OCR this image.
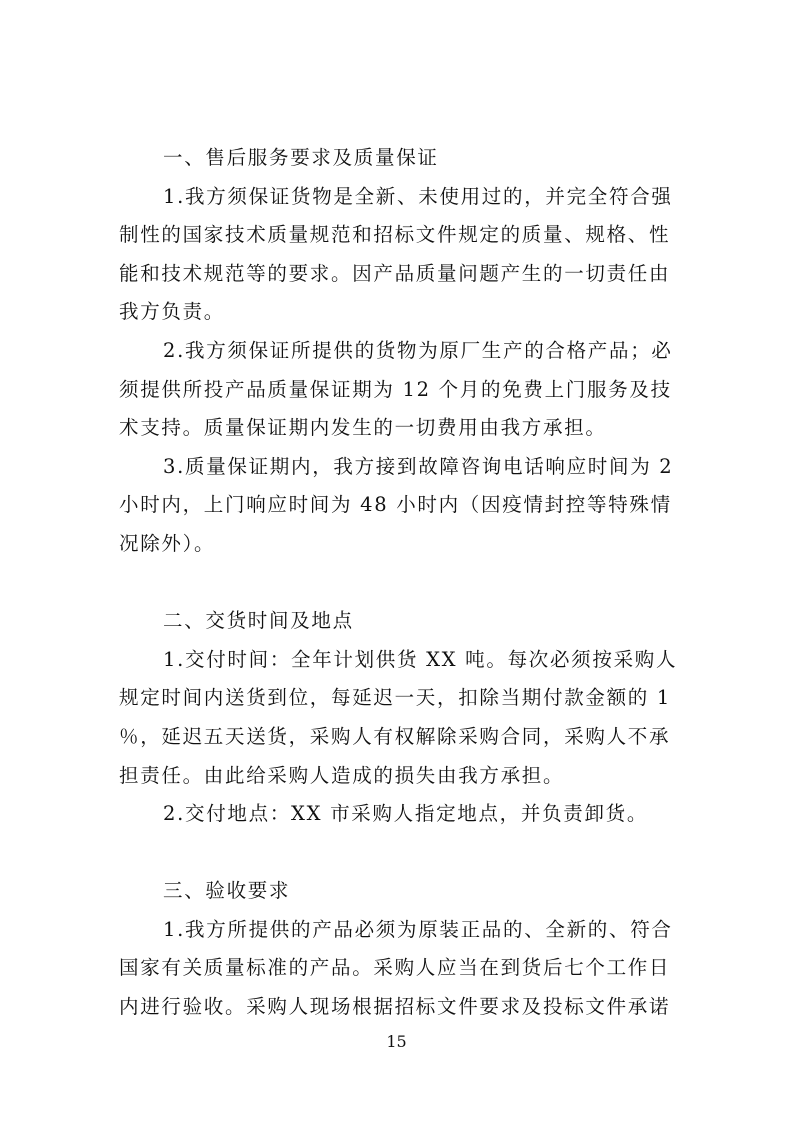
一、售后服务要求及质量保证
1.我方须保证货物是全新、未使用过的，并完全符合强
制性的国家技术质量规范和招标文件规定的质量、规格、性
能和技术规范等的要求。因产品质量问题产生的一切责任由
我方负责。
2.我方须保证所提供的货物为原厂生产的合格产品；必
须提供所投产品质量保证期为 12 个月的免费上门服务及技
术支持。质量保证期内发生的一切费用由我方承担。
3.质量保证期内，我方接到故障咨询电话响应时间为 2
小时内，上门响应时间为 48 小时内（因疫情封控等特殊情
况除外）。
二、交货时间及地点
1.交付时间：全年计划供货 XX 吨。每次必须按采购人
规定时间内送货到位，每延迟一天，扣除当期付款金额的 1
％，延迟五天送货，采购人有权解除采购合同，采购人不承
担责任。由此给采购人造成的损失由我方承担。
2.交付地点：XX 市采购人指定地点，并负责卸货。
三、验收要求
1.我方所提供的产品必须为原装正品的、全新的、符合
国家有关质量标准的产品。采购人应当在到货后七个工作日
内进行验收。采购人现场根据招标文件要求及投标文件承诺
15
